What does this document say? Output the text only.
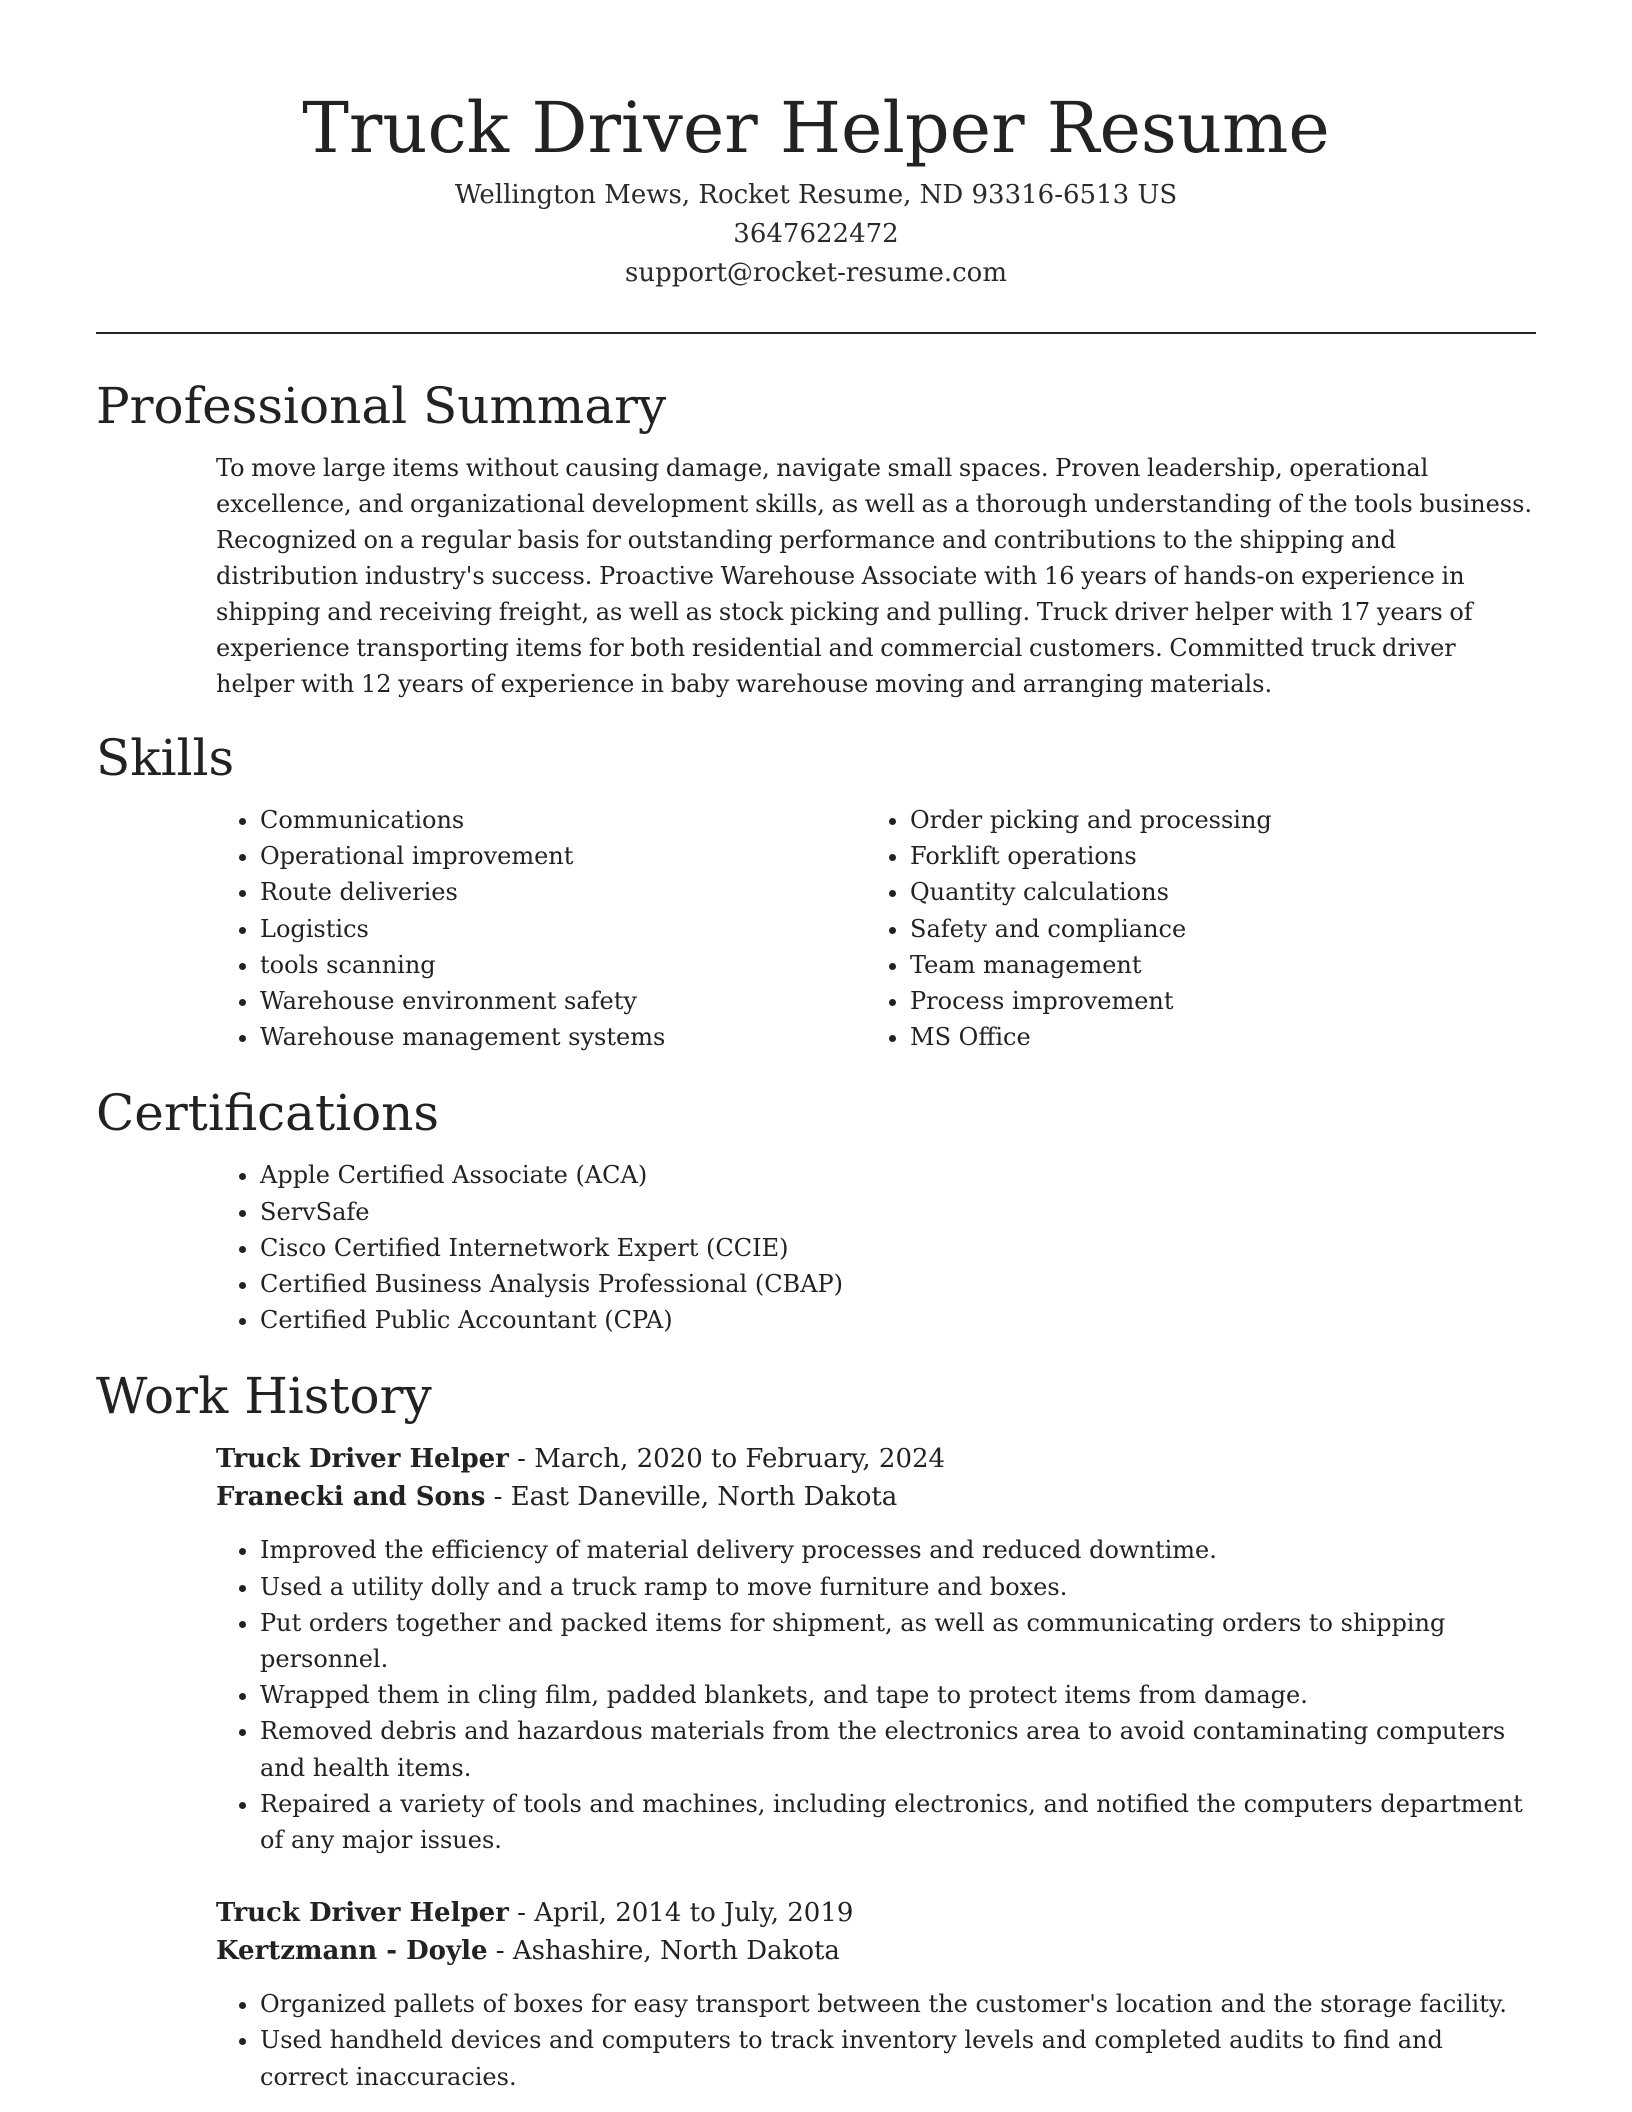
Truck Driver Helper Resume
Wellington Mews, Rocket Resume, ND 93316-6513 US
3647622472
support@rocket-resume.com
Professional Summary

To move large items without causing damage, navigate small spaces. Proven leadership, operational excellence, and organizational development skills, as well as a thorough understanding of the tools business. Recognized on a regular basis for outstanding performance and contributions to the shipping and distribution industry's success. Proactive Warehouse Associate with 16 years of hands-on experience in shipping and receiving freight, as well as stock picking and pulling. Truck driver helper with 17 years of experience transporting items for both residential and commercial customers. Committed truck driver helper with 12 years of experience in baby warehouse moving and arranging materials.

Skills
• Communications
• Operational improvement
• Route deliveries
• Logistics
• tools scanning
• Warehouse environment safety
• Warehouse management systems
• Order picking and processing
• Forklift operations
• Quantity calculations
• Safety and compliance
• Team management
• Process improvement
• MS Office
Certifications
• Apple Certified Associate (ACA)
• ServSafe
• Cisco Certified Internetwork Expert (CCIE)
• Certified Business Analysis Professional (CBAP)
• Certified Public Accountant (CPA)
Work History

Truck Driver Helper - March, 2020 to February, 2024

Franecki and Sons - East Daneville, North Dakota

• Improved the efficiency of material delivery processes and reduced downtime.
• Used a utility dolly and a truck ramp to move furniture and boxes.
• Put orders together and packed items for shipment, as well as communicating orders to shipping personnel.
• Wrapped them in cling film, padded blankets, and tape to protect items from damage.
• Removed debris and hazardous materials from the electronics area to avoid contaminating computers and health items.
• Repaired a variety of tools and machines, including electronics, and notified the computers department of any major issues.

Truck Driver Helper - April, 2014 to July, 2019

Kertzmann - Doyle - Ashashire, North Dakota

• Organized pallets of boxes for easy transport between the customer's location and the storage facility.
• Used handheld devices and computers to track inventory levels and completed audits to find and correct inaccuracies.
